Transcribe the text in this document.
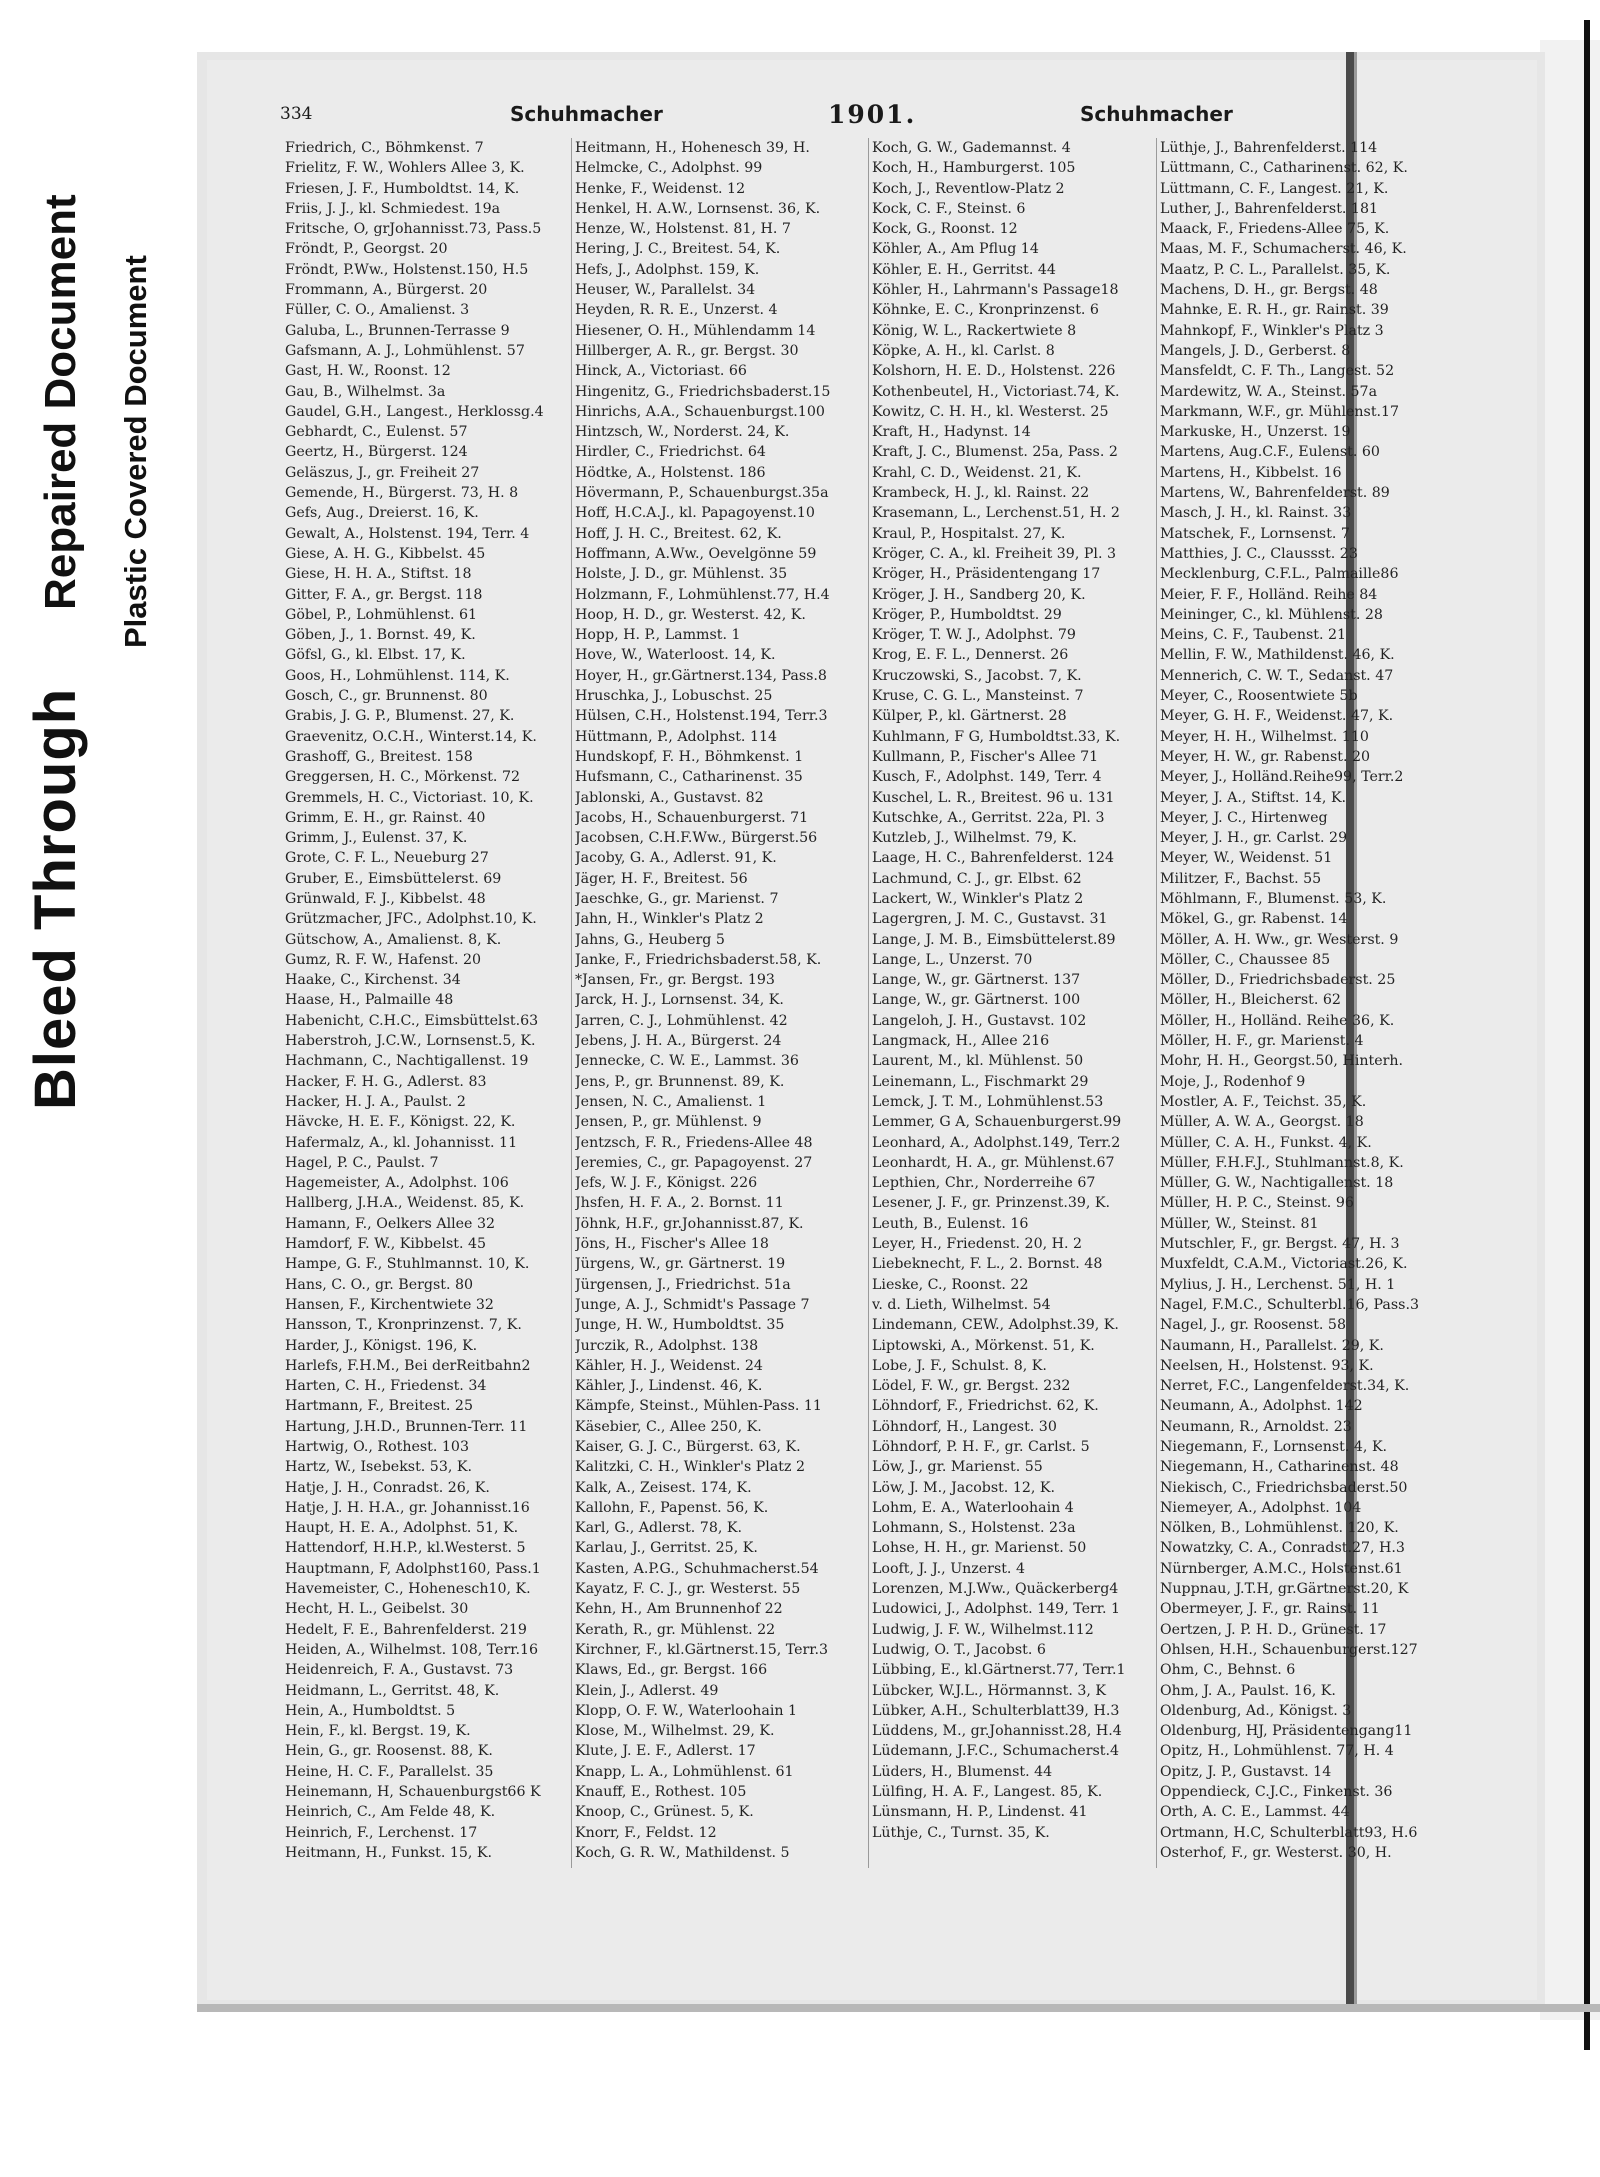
Bleed Through
Repaired Document Plastic Covered Document
334	Schuhmacher	1901.	Schuhmacher
Friedrich, C., Böhmkenst. 7
Frielitz, F. W., Wohlers Allee 3, K.
Friesen, J. F., Humboldtst. 14, K.
Friis, J. J., kl. Schmiedest. 19a
Fritsche, O, grJohannisst.73, Pass.5
Fröndt, P., Georgst. 20
Fröndt, P.Ww., Holstenst.150, H.5
Frommann, A., Bürgerst. 20
Füller, C. O., Amalienst. 3
Galuba, L., Brunnen-Terrasse 9
Gafsmann, A. J., Lohmühlenst. 57
Gast, H. W., Roonst. 12
Gau, B., Wilhelmst. 3a
Gaudel, G.H., Langest., Herklossg.4
Gebhardt, C., Eulenst. 57
Geertz, H., Bürgerst. 124
Geläszus, J., gr. Freiheit 27
Gemende, H., Bürgerst. 73, H. 8
Gefs, Aug., Dreierst. 16, K.
Gewalt, A., Holstenst. 194, Terr. 4
Giese, A. H. G., Kibbelst. 45
Giese, H. H. A., Stiftst. 18
Gitter, F. A., gr. Bergst. 118
Göbel, P., Lohmühlenst. 61
Göben, J., 1. Bornst. 49, K.
Göfsl, G., kl. Elbst. 17, K.
Goos, H., Lohmühlenst. 114, K.
Gosch, C., gr. Brunnenst. 80
Grabis, J. G. P., Blumenst. 27, K.
Graevenitz, O.C.H., Winterst.14, K.
Grashoff, G., Breitest. 158
Greggersen, H. C., Mörkenst. 72
Gremmels, H. C., Victoriast. 10, K.
Grimm, E. H., gr. Rainst. 40
Grimm, J., Eulenst. 37, K.
Grote, C. F. L., Neueburg 27
Gruber, E., Eimsbüttelerst. 69
Grünwald, F. J., Kibbelst. 48
Grützmacher, JFC., Adolphst.10, K.
Gütschow, A., Amalienst. 8, K.
Gumz, R. F. W., Hafenst. 20
Haake, C., Kirchenst. 34
Haase, H., Palmaille 48
Habenicht, C.H.C., Eimsbüttelst.63
Haberstroh, J.C.W., Lornsenst.5, K.
Hachmann, C., Nachtigallenst. 19
Hacker, F. H. G., Adlerst. 83
Hacker, H. J. A., Paulst. 2
Hävcke, H. E. F., Königst. 22, K.
Hafermalz, A., kl. Johannisst. 11
Hagel, P. C., Paulst. 7
Hagemeister, A., Adolphst. 106
Hallberg, J.H.A., Weidenst. 85, K.
Hamann, F., Oelkers Allee 32
Hamdorf, F. W., Kibbelst. 45
Hampe, G. F., Stuhlmannst. 10, K.
Hans, C. O., gr. Bergst. 80
Hansen, F., Kirchentwiete 32
Hansson, T., Kronprinzenst. 7, K.
Harder, J., Königst. 196, K.
Harlefs, F.H.M., Bei derReitbahn2
Harten, C. H., Friedenst. 34
Hartmann, F., Breitest. 25
Hartung, J.H.D., Brunnen-Terr. 11
Hartwig, O., Rothest. 103
Hartz, W., Isebekst. 53, K.
Hatje, J. H., Conradst. 26, K.
Hatje, J. H. H.A., gr. Johannisst.16
Haupt, H. E. A., Adolphst. 51, K.
Hattendorf, H.H.P., kl.Westerst. 5
Hauptmann, F, Adolphst160, Pass.1
Havemeister, C., Hohenesch10, K.
Hecht, H. L., Geibelst. 30
Hedelt, F. E., Bahrenfelderst. 219
Heiden, A., Wilhelmst. 108, Terr.16
Heidenreich, F. A., Gustavst. 73
Heidmann, L., Gerritst. 48, K.
Hein, A., Humboldtst. 5
Hein, F., kl. Bergst. 19, K.
Hein, G., gr. Roosenst. 88, K.
Heine, H. C. F., Parallelst. 35
Heinemann, H, Schauenburgst66 K
Heinrich, C., Am Felde 48, K.
Heinrich, F., Lerchenst. 17
Heitmann, H., Funkst. 15, K.
Heitmann, H., Hohenesch 39, H.
Helmcke, C., Adolphst. 99
Henke, F., Weidenst. 12
Henkel, H. A.W., Lornsenst. 36, K.
Henze, W., Holstenst. 81, H. 7
Hering, J. C., Breitest. 54, K.
Hefs, J., Adolphst. 159, K.
Heuser, W., Parallelst. 34
Heyden, R. R. E., Unzerst. 4
Hiesener, O. H., Mühlendamm 14
Hillberger, A. R., gr. Bergst. 30
Hinck, A., Victoriast. 66
Hingenitz, G., Friedrichsbaderst.15
Hinrichs, A.A., Schauenburgst.100
Hintzsch, W., Norderst. 24, K.
Hirdler, C., Friedrichst. 64
Hödtke, A., Holstenst. 186
Hövermann, P., Schauenburgst.35a
Hoff, H.C.A.J., kl. Papagoyenst.10
Hoff, J. H. C., Breitest. 62, K.
Hoffmann, A.Ww., Oevelgönne 59
Holste, J. D., gr. Mühlenst. 35
Holzmann, F., Lohmühlenst.77, H.4
Hoop, H. D., gr. Westerst. 42, K.
Hopp, H. P., Lammst. 1
Hove, W., Waterloost. 14, K.
Hoyer, H., gr.Gärtnerst.134, Pass.8
Hruschka, J., Lobuschst. 25
Hülsen, C.H., Holstenst.194, Terr.3
Hüttmann, P., Adolphst. 114
Hundskopf, F. H., Böhmkenst. 1
Hufsmann, C., Catharinenst. 35
Jablonski, A., Gustavst. 82
Jacobs, H., Schauenburgerst. 71
Jacobsen, C.H.F.Ww., Bürgerst.56
Jacoby, G. A., Adlerst. 91, K.
Jäger, H. F., Breitest. 56
Jaeschke, G., gr. Marienst. 7
Jahn, H., Winkler's Platz 2
Jahns, G., Heuberg 5
Janke, F., Friedrichsbaderst.58, K.
*Jansen, Fr., gr. Bergst. 193
Jarck, H. J., Lornsenst. 34, K.
Jarren, C. J., Lohmühlenst. 42
Jebens, J. H. A., Bürgerst. 24
Jennecke, C. W. E., Lammst. 36
Jens, P., gr. Brunnenst. 89, K.
Jensen, N. C., Amalienst. 1
Jensen, P., gr. Mühlenst. 9
Jentzsch, F. R., Friedens-Allee 48
Jeremies, C., gr. Papagoyenst. 27
Jefs, W. J. F., Königst. 226
Jhsfen, H. F. A., 2. Bornst. 11
Jöhnk, H.F., gr.Johannisst.87, K.
Jöns, H., Fischer's Allee 18
Jürgens, W., gr. Gärtnerst. 19
Jürgensen, J., Friedrichst. 51a
Junge, A. J., Schmidt's Passage 7
Junge, H. W., Humboldtst. 35
Jurczik, R., Adolphst. 138
Kähler, H. J., Weidenst. 24
Kähler, J., Lindenst. 46, K.
Kämpfe, Steinst., Mühlen-Pass. 11
Käsebier, C., Allee 250, K.
Kaiser, G. J. C., Bürgerst. 63, K.
Kalitzki, C. H., Winkler's Platz 2
Kalk, A., Zeisest. 174, K.
Kallohn, F., Papenst. 56, K.
Karl, G., Adlerst. 78, K.
Karlau, J., Gerritst. 25, K.
Kasten, A.P.G., Schuhmacherst.54
Kayatz, F. C. J., gr. Westerst. 55
Kehn, H., Am Brunnenhof 22
Kerath, R., gr. Mühlenst. 22
Kirchner, F., kl.Gärtnerst.15, Terr.3
Klaws, Ed., gr. Bergst. 166
Klein, J., Adlerst. 49
Klopp, O. F. W., Waterloohain 1
Klose, M., Wilhelmst. 29, K.
Klute, J. E. F., Adlerst. 17
Knapp, L. A., Lohmühlenst. 61
Knauff, E., Rothest. 105
Knoop, C., Grünest. 5, K.
Knorr, F., Feldst. 12
Koch, G. R. W., Mathildenst. 5
Koch, G. W., Gademannst. 4
Koch, H., Hamburgerst. 105
Koch, J., Reventlow-Platz 2
Kock, C. F., Steinst. 6
Kock, G., Roonst. 12
Köhler, A., Am Pflug 14
Köhler, E. H., Gerritst. 44
Köhler, H., Lahrmann's Passage18
Köhnke, E. C., Kronprinzenst. 6
König, W. L., Rackertwiete 8
Köpke, A. H., kl. Carlst. 8
Kolshorn, H. E. D., Holstenst. 226
Kothenbeutel, H., Victoriast.74, K.
Kowitz, C. H. H., kl. Westerst. 25
Kraft, H., Hadynst. 14
Kraft, J. C., Blumenst. 25a, Pass. 2
Krahl, C. D., Weidenst. 21, K.
Krambeck, H. J., kl. Rainst. 22
Krasemann, L., Lerchenst.51, H. 2
Kraul, P., Hospitalst. 27, K.
Kröger, C. A., kl. Freiheit 39, Pl. 3
Kröger, H., Präsidentengang 17
Kröger, J. H., Sandberg 20, K.
Kröger, P., Humboldtst. 29
Kröger, T. W. J., Adolphst. 79
Krog, E. F. L., Dennerst. 26
Kruczowski, S., Jacobst. 7, K.
Kruse, C. G. L., Mansteinst. 7
Külper, P., kl. Gärtnerst. 28
Kuhlmann, F G, Humboldtst.33, K.
Kullmann, P., Fischer's Allee 71
Kusch, F., Adolphst. 149, Terr. 4
Kuschel, L. R., Breitest. 96 u. 131
Kutschke, A., Gerritst. 22a, Pl. 3
Kutzleb, J., Wilhelmst. 79, K.
Laage, H. C., Bahrenfelderst. 124
Lachmund, C. J., gr. Elbst. 62
Lackert, W., Winkler's Platz 2
Lagergren, J. M. C., Gustavst. 31
Lange, J. M. B., Eimsbüttelerst.89
Lange, L., Unzerst. 70
Lange, W., gr. Gärtnerst. 137
Lange, W., gr. Gärtnerst. 100
Langeloh, J. H., Gustavst. 102
Langmack, H., Allee 216
Laurent, M., kl. Mühlenst. 50
Leinemann, L., Fischmarkt 29
Lemck, J. T. M., Lohmühlenst.53
Lemmer, G A, Schauenburgerst.99
Leonhard, A., Adolphst.149, Terr.2
Leonhardt, H. A., gr. Mühlenst.67
Lepthien, Chr., Norderreihe 67
Lesener, J. F., gr. Prinzenst.39, K.
Leuth, B., Eulenst. 16
Leyer, H., Friedenst. 20, H. 2
Liebeknecht, F. L., 2. Bornst. 48
Lieske, C., Roonst. 22
v. d. Lieth, Wilhelmst. 54
Lindemann, CEW., Adolphst.39, K.
Liptowski, A., Mörkenst. 51, K.
Lobe, J. F., Schulst. 8, K.
Lödel, F. W., gr. Bergst. 232
Löhndorf, F., Friedrichst. 62, K.
Löhndorf, H., Langest. 30
Löhndorf, P. H. F., gr. Carlst. 5
Löw, J., gr. Marienst. 55
Löw, J. M., Jacobst. 12, K.
Lohm, E. A., Waterloohain 4
Lohmann, S., Holstenst. 23a
Lohse, H. H., gr. Marienst. 50
Looft, J. J., Unzerst. 4
Lorenzen, M.J.Ww., Quäckerberg4
Ludowici, J., Adolphst. 149, Terr. 1
Ludwig, J. F. W., Wilhelmst.112
Ludwig, O. T., Jacobst. 6
Lübbing, E., kl.Gärtnerst.77, Terr.1
Lübcker, W.J.L., Hörmannst. 3, K
Lübker, A.H., Schulterblatt39, H.3
Lüddens, M., gr.Johannisst.28, H.4
Lüdemann, J.F.C., Schumacherst.4
Lüders, H., Blumenst. 44
Lülfing, H. A. F., Langest. 85, K.
Lünsmann, H. P., Lindenst. 41
Lüthje, C., Turnst. 35, K.
Lüthje, J., Bahrenfelderst. 114
Lüttmann, C., Catharinenst. 62, K.
Lüttmann, C. F., Langest. 21, K.
Luther, J., Bahrenfelderst. 181
Maack, F., Friedens-Allee 75, K.
Maas, M. F., Schumacherst. 46, K.
Maatz, P. C. L., Parallelst. 35, K.
Machens, D. H., gr. Bergst. 48
Mahnke, E. R. H., gr. Rainst. 39
Mahnkopf, F., Winkler's Platz 3
Mangels, J. D., Gerberst. 8
Mansfeldt, C. F. Th., Langest. 52
Mardewitz, W. A., Steinst. 57a
Markmann, W.F., gr. Mühlenst.17
Markuske, H., Unzerst. 19
Martens, Aug.C.F., Eulenst. 60
Martens, H., Kibbelst. 16
Martens, W., Bahrenfelderst. 89
Masch, J. H., kl. Rainst. 33
Matschek, F., Lornsenst. 7
Matthies, J. C., Claussst. 23
Mecklenburg, C.F.L., Palmaille86
Meier, F. F., Holländ. Reihe 84
Meininger, C., kl. Mühlenst. 28
Meins, C. F., Taubenst. 21
Mellin, F. W., Mathildenst. 46, K.
Mennerich, C. W. T., Sedanst. 47
Meyer, C., Roosentwiete 5b
Meyer, G. H. F., Weidenst. 47, K.
Meyer, H. H., Wilhelmst. 110
Meyer, H. W., gr. Rabenst. 20
Meyer, J., Holländ.Reihe99, Terr.2
Meyer, J. A., Stiftst. 14, K.
Meyer, J. C., Hirtenweg
Meyer, J. H., gr. Carlst. 29
Meyer, W., Weidenst. 51
Militzer, F., Bachst. 55
Möhlmann, F., Blumenst. 53, K.
Mökel, G., gr. Rabenst. 14
Möller, A. H. Ww., gr. Westerst. 9
Möller, C., Chaussee 85
Möller, D., Friedrichsbaderst. 25
Möller, H., Bleicherst. 62
Möller, H., Holländ. Reihe 36, K.
Möller, H. F., gr. Marienst. 4
Mohr, H. H., Georgst.50, Hinterh.
Moje, J., Rodenhof 9
Mostler, A. F., Teichst. 35, K.
Müller, A. W. A., Georgst. 18
Müller, C. A. H., Funkst. 4, K.
Müller, F.H.F.J., Stuhlmannst.8, K.
Müller, G. W., Nachtigallenst. 18
Müller, H. P. C., Steinst. 96
Müller, W., Steinst. 81
Mutschler, F., gr. Bergst. 47, H. 3
Muxfeldt, C.A.M., Victoriast.26, K.
Mylius, J. H., Lerchenst. 51, H. 1
Nagel, F.M.C., Schulterbl.16, Pass.3
Nagel, J., gr. Roosenst. 58
Naumann, H., Parallelst. 29, K.
Neelsen, H., Holstenst. 93, K.
Nerret, F.C., Langenfelderst.34, K.
Neumann, A., Adolphst. 142
Neumann, R., Arnoldst. 23
Niegemann, F., Lornsenst. 4, K.
Niegemann, H., Catharinenst. 48
Niekisch, C., Friedrichsbaderst.50
Niemeyer, A., Adolphst. 104
Nölken, B., Lohmühlenst. 120, K.
Nowatzky, C. A., Conradst.27, H.3
Nürnberger, A.M.C., Holstenst.61
Nuppnau, J.T.H, gr.Gärtnerst.20, K
Obermeyer, J. F., gr. Rainst. 11
Oertzen, J. P. H. D., Grünest. 17
Ohlsen, H.H., Schauenburgerst.127
Ohm, C., Behnst. 6
Ohm, J. A., Paulst. 16, K.
Oldenburg, Ad., Königst. 3
Oldenburg, HJ, Präsidentengang11
Opitz, H., Lohmühlenst. 77, H. 4
Opitz, J. P., Gustavst. 14
Oppendieck, C.J.C., Finkenst. 36
Orth, A. C. E., Lammst. 44
Ortmann, H.C, Schulterblatt93, H.6
Osterhof, F., gr. Westerst. 30, H.
